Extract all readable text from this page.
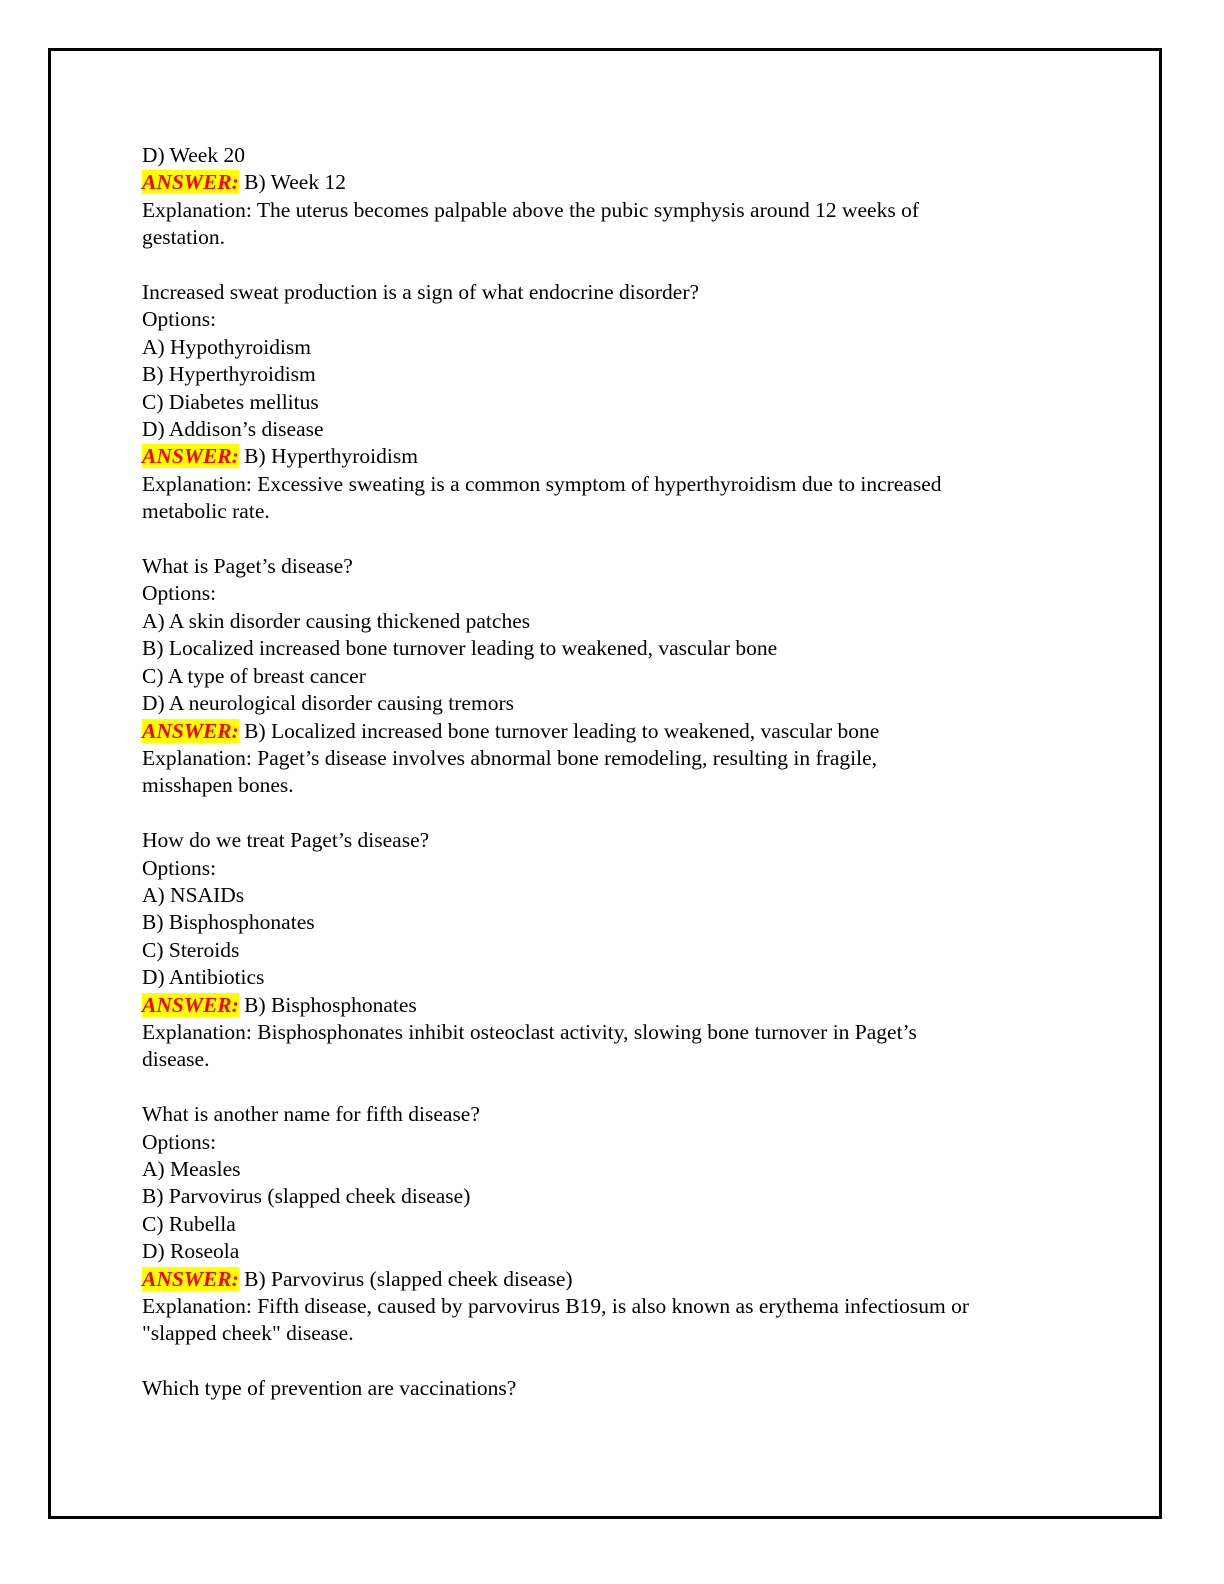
D) Week 20
ANSWER: B) Week 12
Explanation: The uterus becomes palpable above the pubic symphysis around 12 weeks of
gestation.
Increased sweat production is a sign of what endocrine disorder?
Options:
A) Hypothyroidism
B) Hyperthyroidism
C) Diabetes mellitus
D) Addison’s disease
ANSWER: B) Hyperthyroidism
Explanation: Excessive sweating is a common symptom of hyperthyroidism due to increased
metabolic rate.
What is Paget’s disease?
Options:
A) A skin disorder causing thickened patches
B) Localized increased bone turnover leading to weakened, vascular bone
C) A type of breast cancer
D) A neurological disorder causing tremors
ANSWER: B) Localized increased bone turnover leading to weakened, vascular bone
Explanation: Paget’s disease involves abnormal bone remodeling, resulting in fragile,
misshapen bones.
How do we treat Paget’s disease?
Options:
A) NSAIDs
B) Bisphosphonates
C) Steroids
D) Antibiotics
ANSWER: B) Bisphosphonates
Explanation: Bisphosphonates inhibit osteoclast activity, slowing bone turnover in Paget’s
disease.
What is another name for fifth disease?
Options:
A) Measles
B) Parvovirus (slapped cheek disease)
C) Rubella
D) Roseola
ANSWER: B) Parvovirus (slapped cheek disease)
Explanation: Fifth disease, caused by parvovirus B19, is also known as erythema infectiosum or
"slapped cheek" disease.
Which type of prevention are vaccinations?
